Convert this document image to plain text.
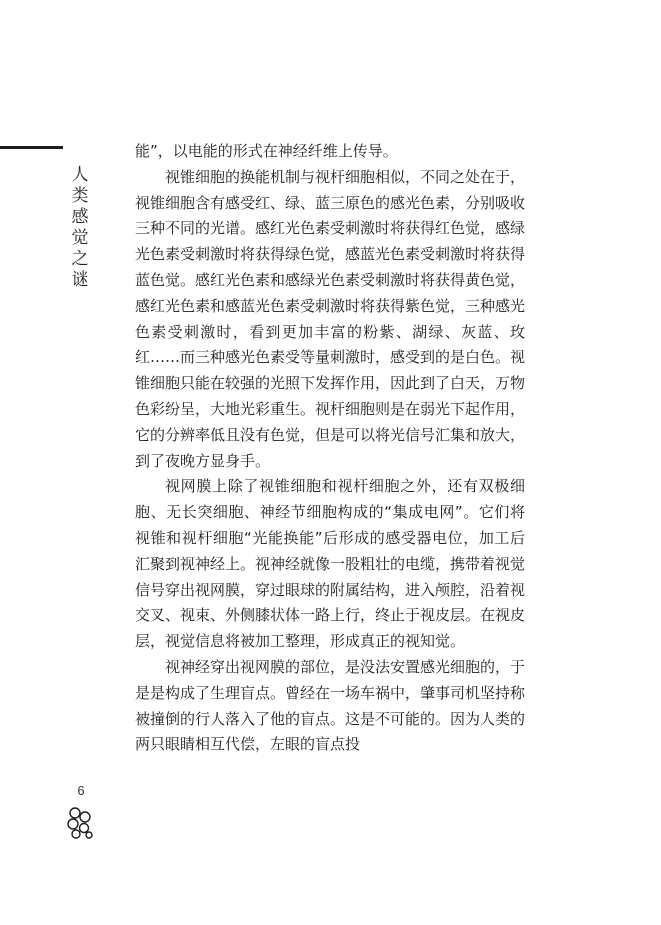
人
类
感
觉
之
谜
6

能”，以电能的形式在神经纤维上传导。

视锥细胞的换能机制与视杆细胞相似，不同之处在于，视锥细胞含有感受红、绿、蓝三原色的感光色素，分别吸收三种不同的光谱。感红光色素受刺激时将获得红色觉，感绿光色素受刺激时将获得绿色觉，感蓝光色素受刺激时将获得蓝色觉。感红光色素和感绿光色素受刺激时将获得黄色觉，感红光色素和感蓝光色素受刺激时将获得紫色觉，三种感光色素受刺激时，看到更加丰富的粉紫、湖绿、灰蓝、玫红……而三种感光色素受等量刺激时，感受到的是白色。视锥细胞只能在较强的光照下发挥作用，因此到了白天，万物色彩纷呈，大地光彩重生。视杆细胞则是在弱光下起作用，它的分辨率低且没有色觉，但是可以将光信号汇集和放大，到了夜晚方显身手。

视网膜上除了视锥细胞和视杆细胞之外，还有双极细胞、无长突细胞、神经节细胞构成的“集成电网”。它们将视锥和视杆细胞“光能换能”后形成的感受器电位，加工后汇聚到视神经上。视神经就像一股粗壮的电缆，携带着视觉信号穿出视网膜，穿过眼球的附属结构，进入颅腔，沿着视交叉、视束、外侧膝状体一路上行，终止于视皮层。在视皮层，视觉信息将被加工整理，形成真正的视知觉。

视神经穿出视网膜的部位，是没法安置感光细胞的，于是是构成了生理盲点。曾经在一场车祸中，肇事司机坚持称被撞倒的行人落入了他的盲点。这是不可能的。因为人类的两只眼睛相互代偿，左眼的盲点投
